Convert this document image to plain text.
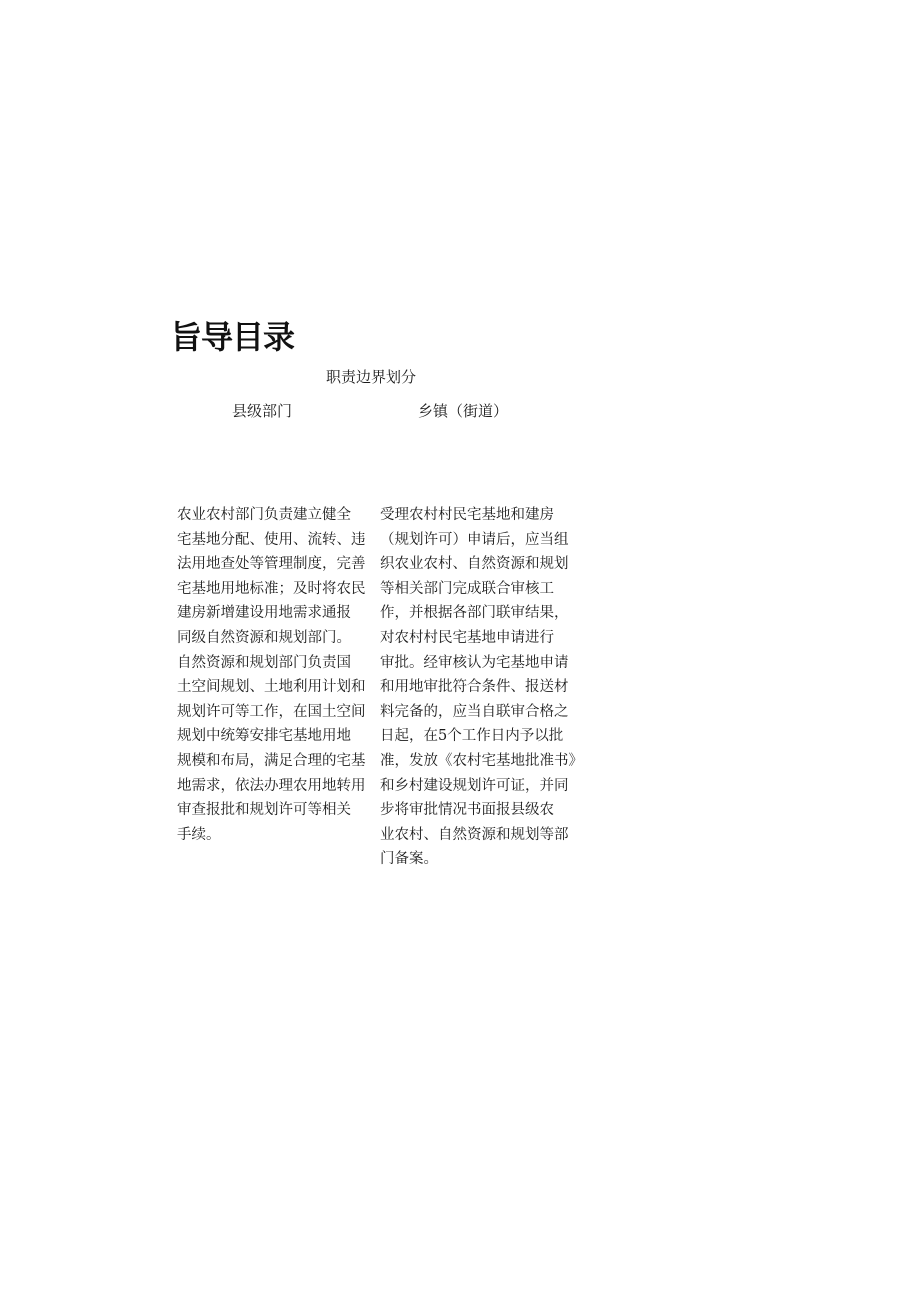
旨导目录
职责边界划分
县级部门	乡镇（街道）
农业农村部门负责建立健全
宅基地分配、使用、流转、违
法用地查处等管理制度，完善
宅基地用地标准；及时将农民
建房新增建设用地需求通报
同级自然资源和规划部门。
自然资源和规划部门负责国
土空间规划、土地利用计划和
规划许可等工作，在国土空间
规划中统筹安排宅基地用地
规模和布局，满足合理的宅基
地需求，依法办理农用地转用
审查报批和规划许可等相关
手续。
受理农村村民宅基地和建房
（规划许可）申请后，应当组
织农业农村、自然资源和规划
等相关部门完成联合审核工
作，并根据各部门联审结果，
对农村村民宅基地申请进行
审批。经审核认为宅基地申请
和用地审批符合条件、报送材
料完备的，应当自联审合格之
日起，在5个工作日内予以批
准，发放《农村宅基地批准书》
和乡村建设规划许可证，并同
步将审批情况书面报县级农
业农村、自然资源和规划等部
门备案。
